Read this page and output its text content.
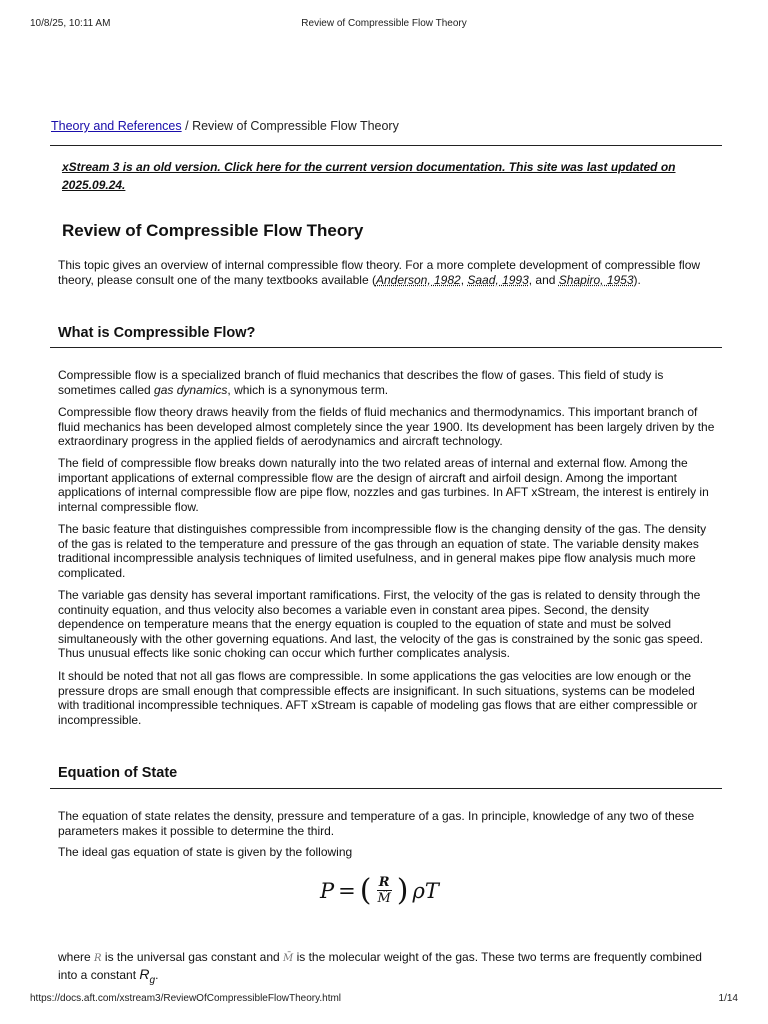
10/8/25, 10:11 AM	Review of Compressible Flow Theory
Theory and References / Review of Compressible Flow Theory
xStream 3 is an old version. Click here for the current version documentation. This site was last updated on 2025.09.24.
Review of Compressible Flow Theory

This topic gives an overview of internal compressible flow theory. For a more complete development of compressible flow theory, please consult one of the many textbooks available (Anderson, 1982, Saad, 1993, and Shapiro, 1953).

What is Compressible Flow?

Compressible flow is a specialized branch of fluid mechanics that describes the flow of gases. This field of study is sometimes called gas dynamics, which is a synonymous term.

Compressible flow theory draws heavily from the fields of fluid mechanics and thermodynamics. This important branch of fluid mechanics has been developed almost completely since the year 1900. Its development has been largely driven by the extraordinary progress in the applied fields of aerodynamics and aircraft technology.

The field of compressible flow breaks down naturally into the two related areas of internal and external flow. Among the important applications of external compressible flow are the design of aircraft and airfoil design. Among the important applications of internal compressible flow are pipe flow, nozzles and gas turbines. In AFT xStream, the interest is entirely in internal compressible flow.

The basic feature that distinguishes compressible from incompressible flow is the changing density of the gas. The density of the gas is related to the temperature and pressure of the gas through an equation of state. The variable density makes traditional incompressible analysis techniques of limited usefulness, and in general makes pipe flow analysis much more complicated.

The variable gas density has several important ramifications. First, the velocity of the gas is related to density through the continuity equation, and thus velocity also becomes a variable even in constant area pipes. Second, the density dependence on temperature means that the energy equation is coupled to the equation of state and must be solved simultaneously with the other governing equations. And last, the velocity of the gas is constrained by the sonic gas speed. Thus unusual effects like sonic choking can occur which further complicates analysis.

It should be noted that not all gas flows are compressible. In some applications the gas velocities are low enough or the pressure drops are small enough that compressible effects are insignificant. In such situations, systems can be modeled with traditional incompressible techniques. AFT xStream is capable of modeling gas flows that are either compressible or incompressible.

Equation of State

The equation of state relates the density, pressure and temperature of a gas. In principle, knowledge of any two of these parameters makes it possible to determine the third.

The ideal gas equation of state is given by the following

P = ( $\frac{R}{M̂}$ ) ρT

where R is the universal gas constant and M̄ is the molecular weight of the gas. These two terms are frequently combined into a constant $R_g$.

https://docs.aft.com/xstream3/ReviewOfCompressibleFlowTheory.html	1/14
